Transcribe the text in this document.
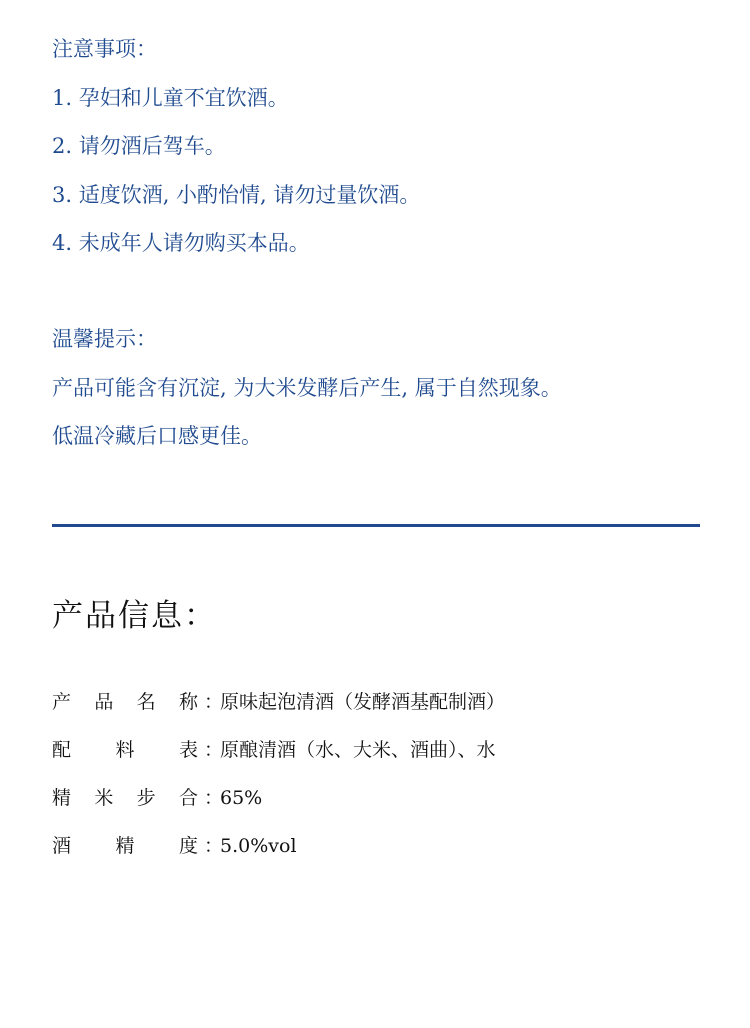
注意事项：

1. 孕妇和儿童不宜饮酒。

2. 请勿酒后驾车。

3. 适度饮酒, 小酌怡情, 请勿过量饮酒。

4. 未成年人请勿购买本品。

温馨提示：

产品可能含有沉淀, 为大米发酵后产生, 属于自然现象。

低温冷藏后口感更佳。

产品信息：
产 品 名 称 ：
原味起泡清酒（发酵酒基配制酒）
配 料 表 ：
原酿清酒（水、大米、酒曲）、水
精 米 步 合 ：
65%
酒 精 度 ：
5.0%vol
